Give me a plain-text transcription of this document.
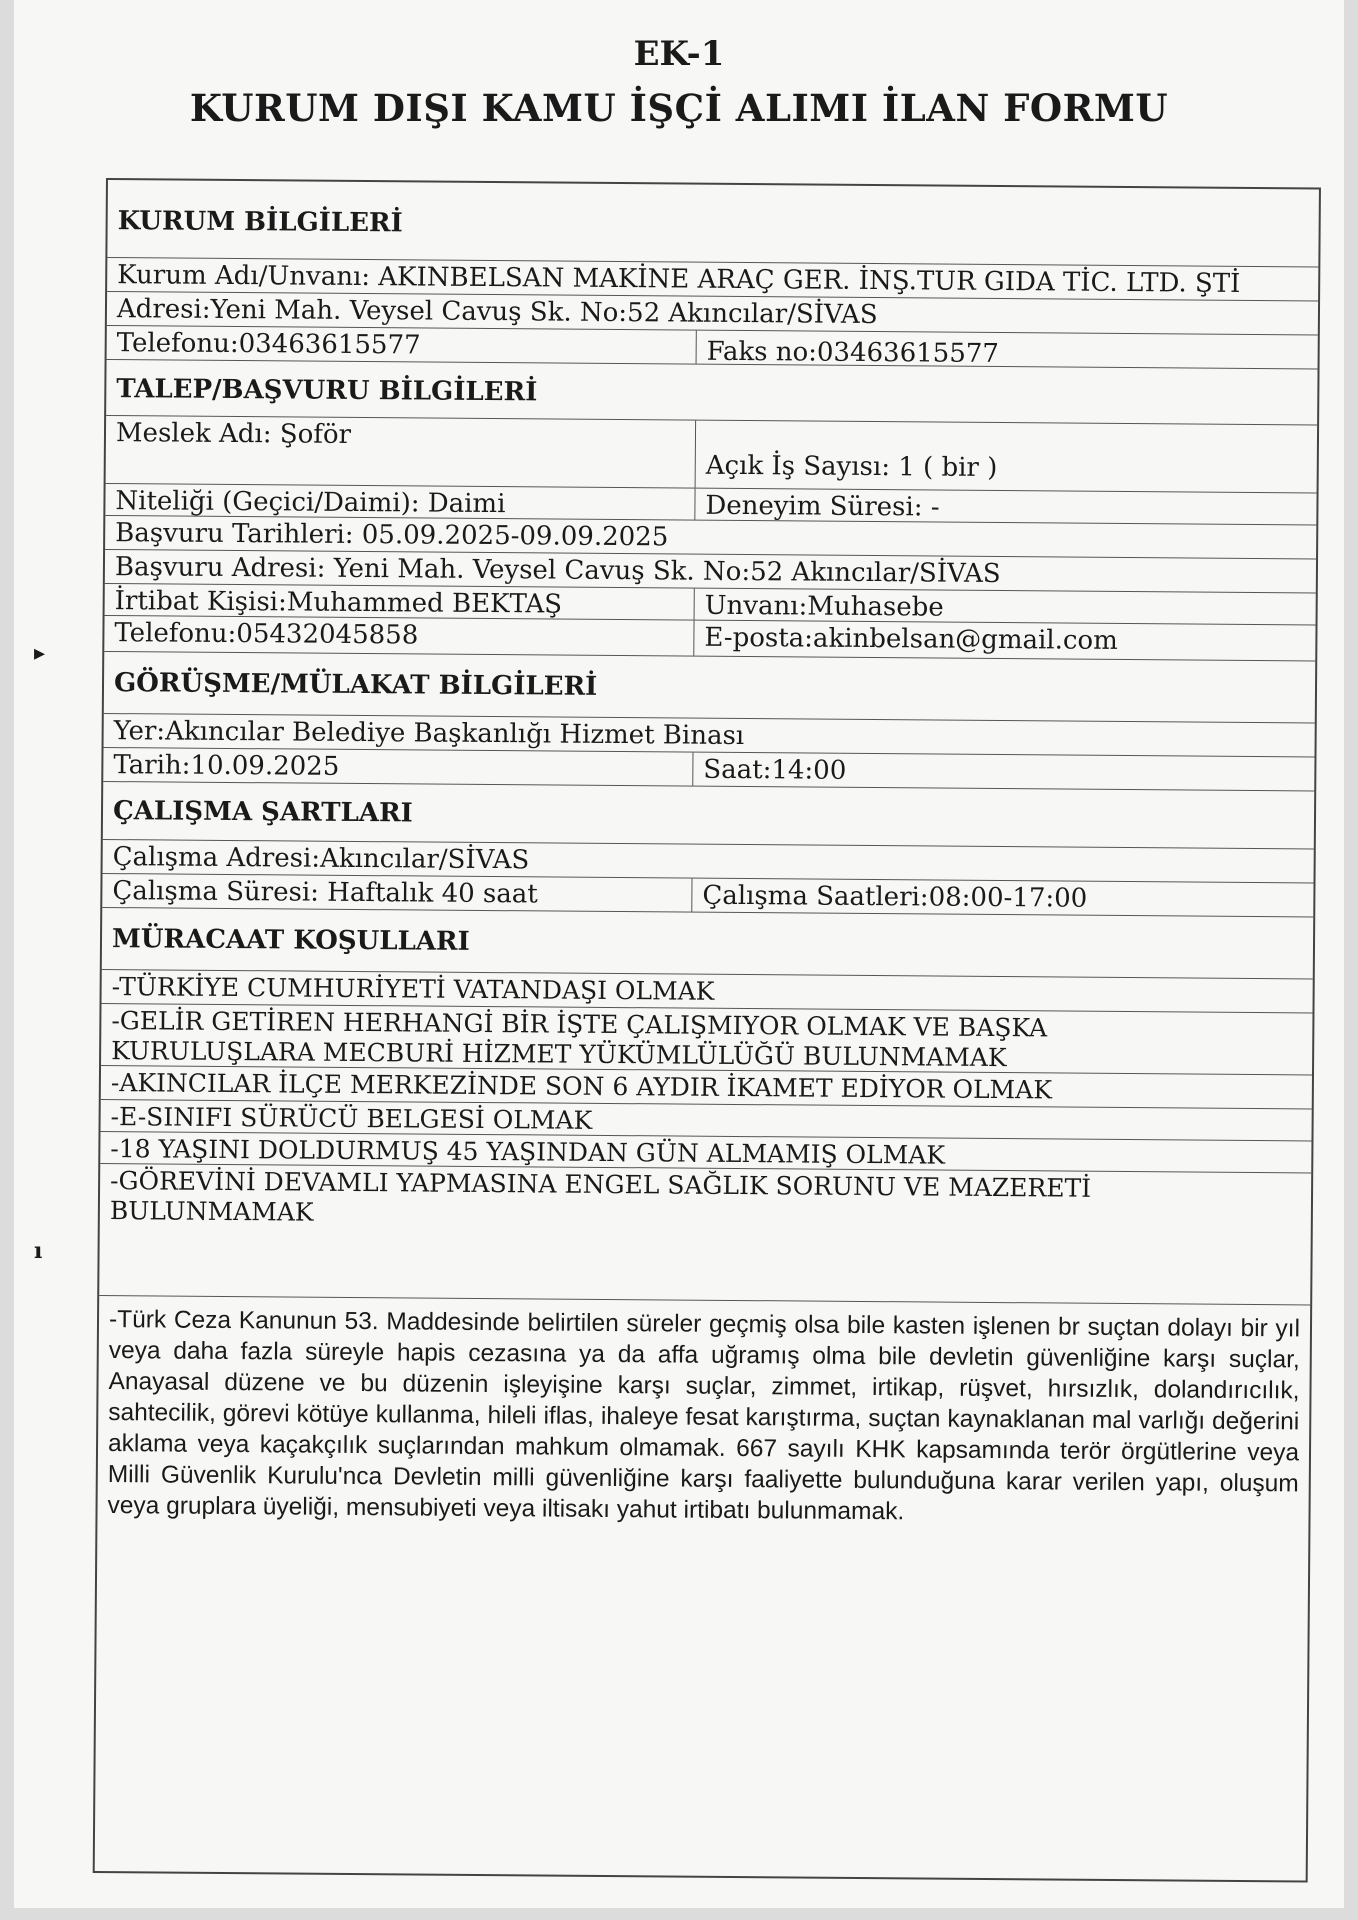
▸
ı
EK-1
KURUM DIŞI KAMU İŞÇİ ALIMI İLAN FORMU
KURUM BİLGİLERİ
Kurum Adı/Unvanı: AKINBELSAN MAKİNE ARAÇ GER. İNŞ.TUR GIDA TİC. LTD. ŞTİ
Adresi:Yeni Mah. Veysel Cavuş Sk. No:52 Akıncılar/SİVAS
Telefonu:03463615577	Faks no:03463615577
TALEP/BAŞVURU BİLGİLERİ
Meslek Adı: Şoför
Açık İş Sayısı: 1 ( bir )
Niteliği (Geçici/Daimi): Daimi	Deneyim Süresi: -
Başvuru Tarihleri: 05.09.2025-09.09.2025
Başvuru Adresi: Yeni Mah. Veysel Cavuş Sk. No:52 Akıncılar/SİVAS
İrtibat Kişisi:Muhammed BEKTAŞ	Unvanı:Muhasebe
Telefonu:05432045858	E-posta:akinbelsan@gmail.com
GÖRÜŞME/MÜLAKAT BİLGİLERİ
Yer:Akıncılar Belediye Başkanlığı Hizmet Binası
Tarih:10.09.2025	Saat:14:00
ÇALIŞMA ŞARTLARI
Çalışma Adresi:Akıncılar/SİVAS
Çalışma Süresi: Haftalık 40 saat	Çalışma Saatleri:08:00-17:00
MÜRACAAT KOŞULLARI
-TÜRKİYE CUMHURİYETİ VATANDAŞI OLMAK
-GELİR GETİREN HERHANGİ BİR İŞTE ÇALIŞMIYOR OLMAK VE BAŞKA
KURULUŞLARA MECBURİ HİZMET YÜKÜMLÜLÜĞÜ BULUNMAMAK
-AKINCILAR İLÇE MERKEZİNDE SON 6 AYDIR İKAMET EDİYOR OLMAK
-E-SINIFI SÜRÜCÜ BELGESİ OLMAK
-18 YAŞINI DOLDURMUŞ 45 YAŞINDAN GÜN ALMAMIŞ OLMAK
-GÖREVİNİ DEVAMLI YAPMASINA ENGEL SAĞLIK SORUNU VE MAZERETİ
BULUNMAMAK
-Türk Ceza Kanunun 53. Maddesinde belirtilen süreler geçmiş olsa bile kasten işlenen br suçtan dolayı bir yıl veya daha fazla süreyle hapis cezasına ya da affa uğramış olma bile devletin güvenliğine karşı suçlar, Anayasal düzene ve bu düzenin işleyişine karşı suçlar, zimmet, irtikap, rüşvet, hırsızlık, dolandırıcılık, sahtecilik, görevi kötüye kullanma, hileli iflas, ihaleye fesat karıştırma, suçtan kaynaklanan mal varlığı değerini aklama veya kaçakçılık suçlarından mahkum olmamak. 667 sayılı KHK kapsamında terör örgütlerine veya Milli Güvenlik Kurulu'nca Devletin milli güvenliğine karşı faaliyette bulunduğuna karar verilen yapı, oluşum veya gruplara üyeliği, mensubiyeti veya iltisakı yahut irtibatı bulunmamak.
